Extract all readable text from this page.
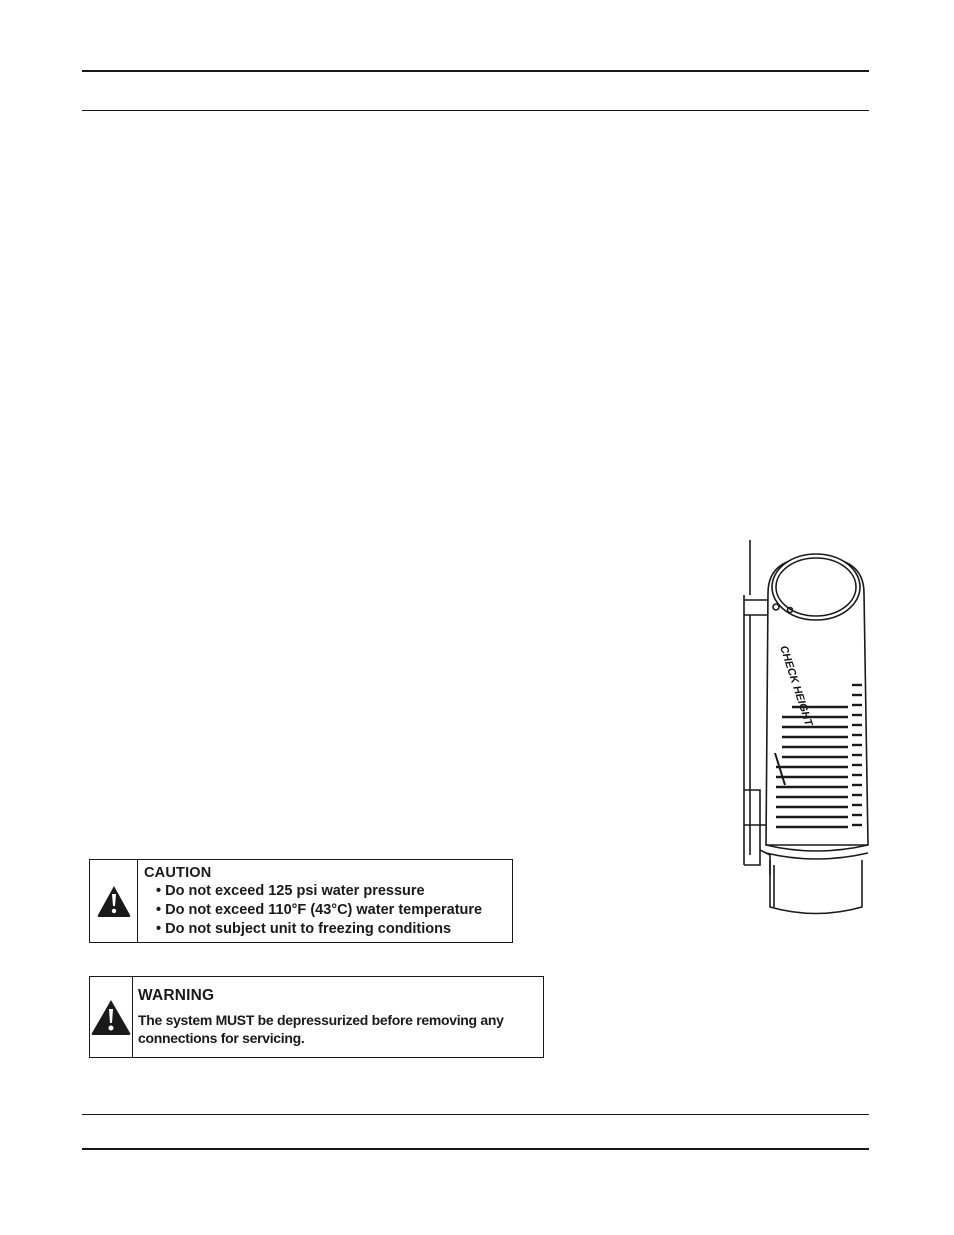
CHECK HEIGHT
CAUTION
• Do not exceed 125 psi water pressure
• Do not exceed 110°F (43°C) water temperature
• Do not subject unit to freezing conditions
WARNING
The system MUST be depressurized before removing any connections for servicing.
